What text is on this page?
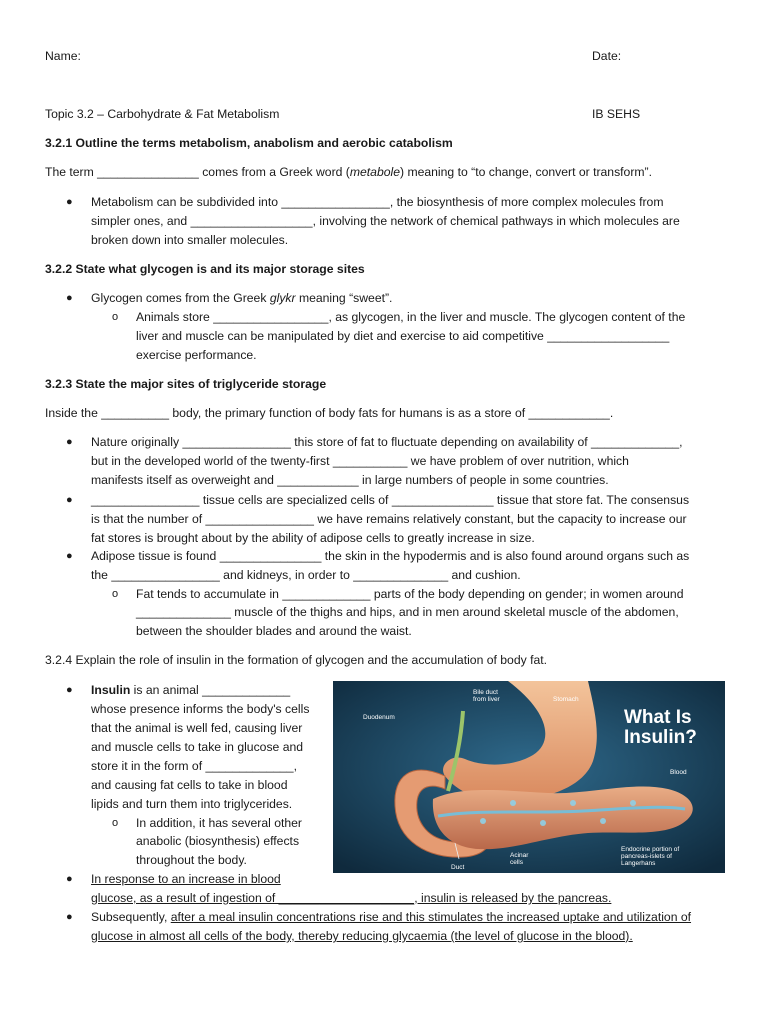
Name:	Date:
Topic 3.2 – Carbohydrate & Fat Metabolism	IB SEHS
3.2.1 Outline the terms metabolism, anabolism and aerobic catabolism
The term _______________ comes from a Greek word (metabole) meaning to “to change, convert or transform”.
● Metabolism can be subdivided into ________________, the biosynthesis of more complex molecules from
simpler ones, and __________________, involving the network of chemical pathways in which molecules are
broken down into smaller molecules.
3.2.2 State what glycogen is and its major storage sites
● Glycogen comes from the Greek glykr meaning “sweet”.
o Animals store _________________, as glycogen, in the liver and muscle. The glycogen content of the
liver and muscle can be manipulated by diet and exercise to aid competitive __________________
exercise performance.
3.2.3 State the major sites of triglyceride storage
Inside the __________ body, the primary function of body fats for humans is as a store of ____________.
● Nature originally ________________ this store of fat to fluctuate depending on availability of _____________,
but in the developed world of the twenty-first ___________ we have problem of over nutrition, which
manifests itself as overweight and ____________ in large numbers of people in some countries.
● ________________ tissue cells are specialized cells of _______________ tissue that store fat. The consensus
is that the number of ________________ we have remains relatively constant, but the capacity to increase our
fat stores is brought about by the ability of adipose cells to greatly increase in size.
● Adipose tissue is found _______________ the skin in the hypodermis and is also found around organs such as
the ________________ and kidneys, in order to ______________ and cushion.
o Fat tends to accumulate in _____________ parts of the body depending on gender; in women around
______________ muscle of the thighs and hips, and in men around skeletal muscle of the abdomen,
between the shoulder blades and around the waist.
3.2.4 Explain the role of insulin in the formation of glycogen and the accumulation of body fat.
● Insulin is an animal _____________
whose presence informs the body's cells
that the animal is well fed, causing liver
and muscle cells to take in glucose and
store it in the form of _____________,
and causing fat cells to take in blood
lipids and turn them into triglycerides.
o In addition, it has several other
anabolic (biosynthesis) effects
throughout the body.
● In response to an increase in blood
glucose, as a result of ingestion of ____________________, insulin is released by the pancreas.
● Subsequently, after a meal insulin concentrations rise and this stimulates the increased uptake and utilization of
glucose in almost all cells of the body, thereby reducing glycaemia (the level of glucose in the blood).
What Is
Insulin?
Bile duct
from liver	Stomach
Duodenum
Blood
Duct
Acinar
cells
Endocrine portion of
pancreas-islets of
Langerhans
